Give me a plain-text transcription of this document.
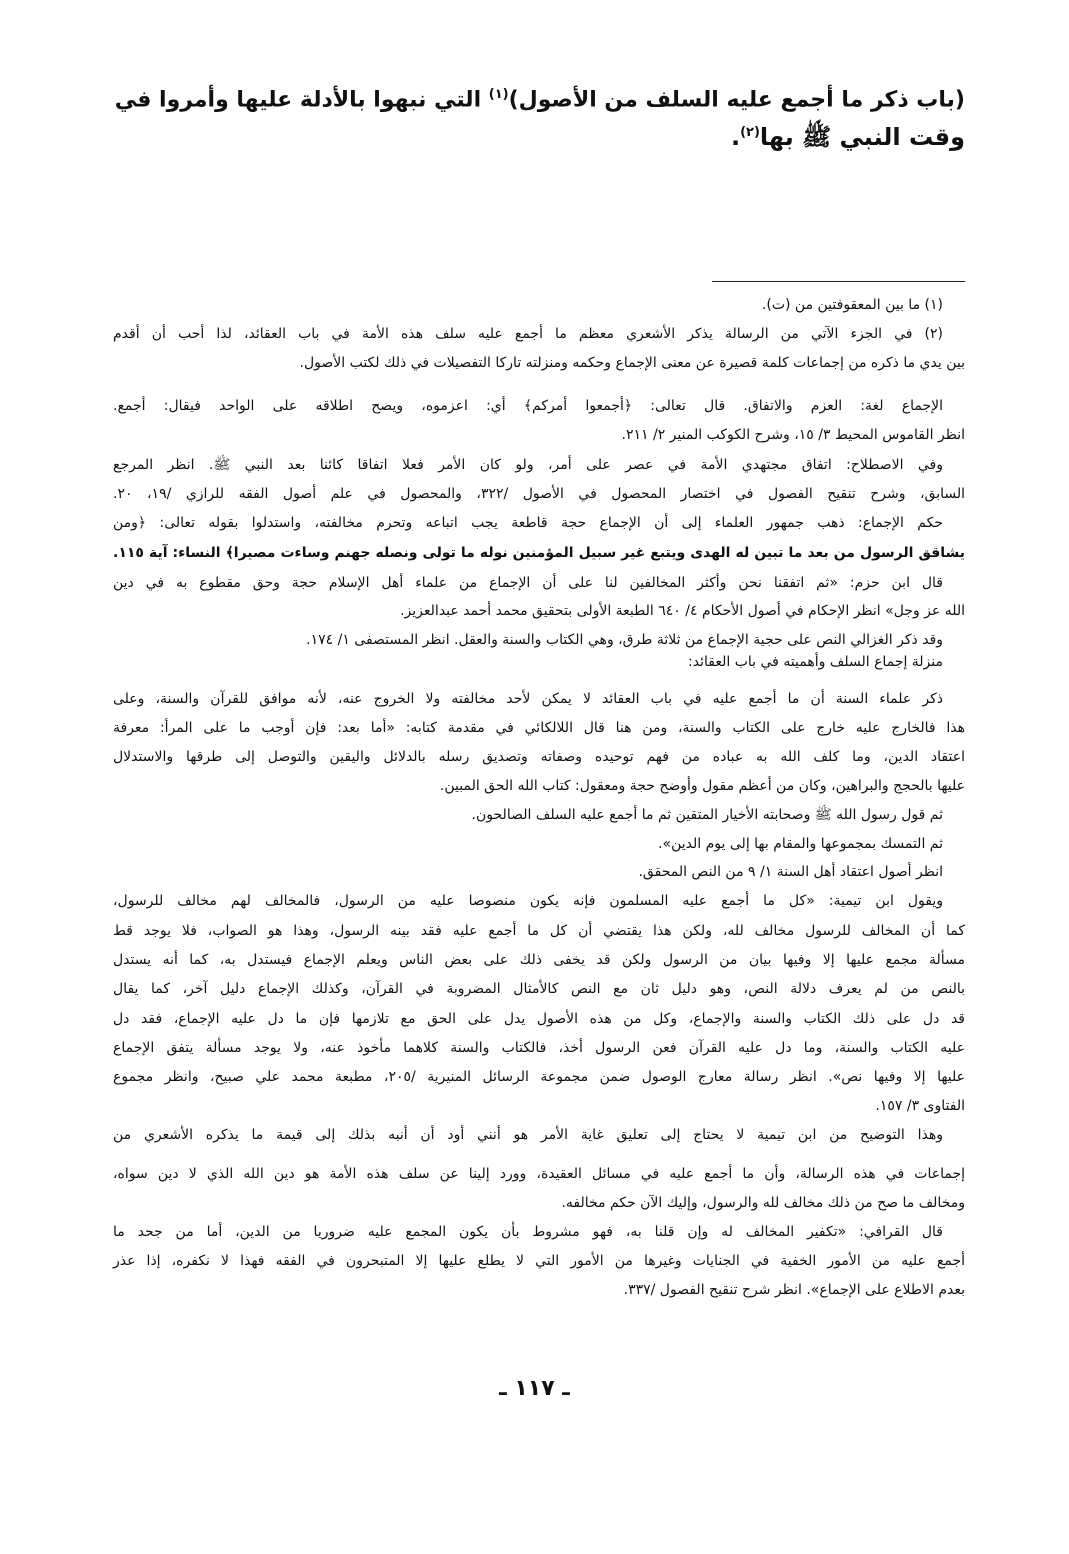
(باب ذكر ما أجمع عليه السلف من الأصول)$^{(١)}$ التي نبهوا بالأدلة عليها وأمروا في
وقت النبي ﷺ بها$^{(٢)}$.
(١) ما بين المعقوفتين من (ت).
(٢) في الجزء الآتي من الرسالة يذكر الأشعري معظم ما أجمع عليه سلف هذه الأمة في باب العقائد، لذا أحب أن أقدم
بين يدي ما ذكره من إجماعات كلمة قصيرة عن معنى الإجماع وحكمه ومنزلته تاركا التفصيلات في ذلك لكتب الأصول.
الإجماع لغة: العزم والاتفاق. قال تعالى: ﴿أجمعوا أمركم﴾ أي: اعزموه، ويصح اطلاقه على الواحد فيقال: أجمع.
انظر القاموس المحيط ٣/ ١٥، وشرح الكوكب المنير ٢/ ٢١١.
وفي الاصطلاح: اتفاق مجتهدي الأمة في عصر على أمر، ولو كان الأمر فعلا اتفاقا كائنا بعد النبي ﷺ. انظر المرجع
السابق، وشرح تنقيح الفصول في اختصار المحصول في الأصول /٣٢٢، والمحصول في علم أصول الفقه للرازي /١٩، ٢٠.
حكم الإجماع: ذهب جمهور العلماء إلى أن الإجماع حجة قاطعة يجب اتباعه وتحرم مخالفته، واستدلوا بقوله تعالى: ﴿ومن
يشاقق الرسول من بعد ما تبين له الهدى ويتبع غير سبيل المؤمنين نوله ما تولى ونصله جهنم وساءت مصيرا﴾ النساء: آية ١١٥.
قال ابن حزم: «ثم اتفقنا نحن وأكثر المخالفين لنا على أن الإجماع من علماء أهل الإسلام حجة وحق مقطوع به في دين
الله عز وجل» انظر الإحكام في أصول الأحكام ٤/ ٦٤٠ الطبعة الأولى بتحقيق محمد أحمد عبدالعزيز.
وقد ذكر الغزالي النص على حجية الإجماع من ثلاثة طرق، وهي الكتاب والسنة والعقل. انظر المستصفى ١/ ١٧٤.
منزلة إجماع السلف وأهميته في باب العقائد:
ذكر علماء السنة أن ما أجمع عليه في باب العقائد لا يمكن لأحد مخالفته ولا الخروج عنه، لأنه موافق للقرآن والسنة، وعلى
هذا فالخارج عليه خارج على الكتاب والسنة، ومن هنا قال اللالكائي في مقدمة كتابه: «أما بعد: فإن أوجب ما على المرأ: معرفة
اعتقاد الدين، وما كلف الله به عباده من فهم توحيده وصفاته وتصديق رسله بالدلائل واليقين والتوصل إلى طرقها والاستدلال
عليها بالحجج والبراهين، وكان من أعظم مقول وأوضح حجة ومعقول: كتاب الله الحق المبين.
ثم قول رسول الله ﷺ وصحابته الأخيار المتقين ثم ما أجمع عليه السلف الصالحون.
ثم التمسك بمجموعها والمقام بها إلى يوم الدين».
انظر أصول اعتقاد أهل السنة ١/ ٩ من النص المحقق.
ويقول ابن تيمية: «كل ما أجمع عليه المسلمون فإنه يكون منصوصا عليه من الرسول، فالمخالف لهم مخالف للرسول،
كما أن المخالف للرسول مخالف لله، ولكن هذا يقتضي أن كل ما أجمع عليه فقد بينه الرسول، وهذا هو الصواب، فلا يوجد قط
مسألة مجمع عليها إلا وفيها بيان من الرسول ولكن قد يخفى ذلك على بعض الناس ويعلم الإجماع فيستدل به، كما أنه يستدل
بالنص من لم يعرف دلالة النص، وهو دليل ثان مع النص كالأمثال المضروبة في القرآن، وكذلك الإجماع دليل آخر، كما يقال
قد دل على ذلك الكتاب والسنة والإجماع، وكل من هذه الأصول يدل على الحق مع تلازمها فإن ما دل عليه الإجماع، فقد دل
عليه الكتاب والسنة، وما دل عليه القرآن فعن الرسول أخذ، فالكتاب والسنة كلاهما مأخوذ عنه، ولا يوجد مسألة يتفق الإجماع
عليها إلا وفيها نص». انظر رسالة معارج الوصول ضمن مجموعة الرسائل المنيرية /٢٠٥، مطبعة محمد علي صبيح، وانظر مجموع
الفتاوى ٣/ ١٥٧.
وهذا التوضيح من ابن تيمية لا يحتاج إلى تعليق غاية الأمر هو أنني أود أن أنبه بذلك إلى قيمة ما يذكره الأشعري من
إجماعات في هذه الرسالة، وأن ما أجمع عليه في مسائل العقيدة، وورد إلينا عن سلف هذه الأمة هو دين الله الذي لا دين سواه،
ومخالف ما صح من ذلك مخالف لله والرسول، وإليك الآن حكم مخالفه.
قال القرافي: «تكفير المخالف له وإن قلنا به، فهو مشروط بأن يكون المجمع عليه ضروريا من الدين، أما من جحد ما
أجمع عليه من الأمور الخفية في الجنايات وغيرها من الأمور التي لا يطلع عليها إلا المتبحرون في الفقه فهذا لا نكفره، إذا عذر
بعدم الاطلاع على الإجماع». انظر شرح تنقيح الفصول /٣٣٧.
ـ ١١٧ ـ
